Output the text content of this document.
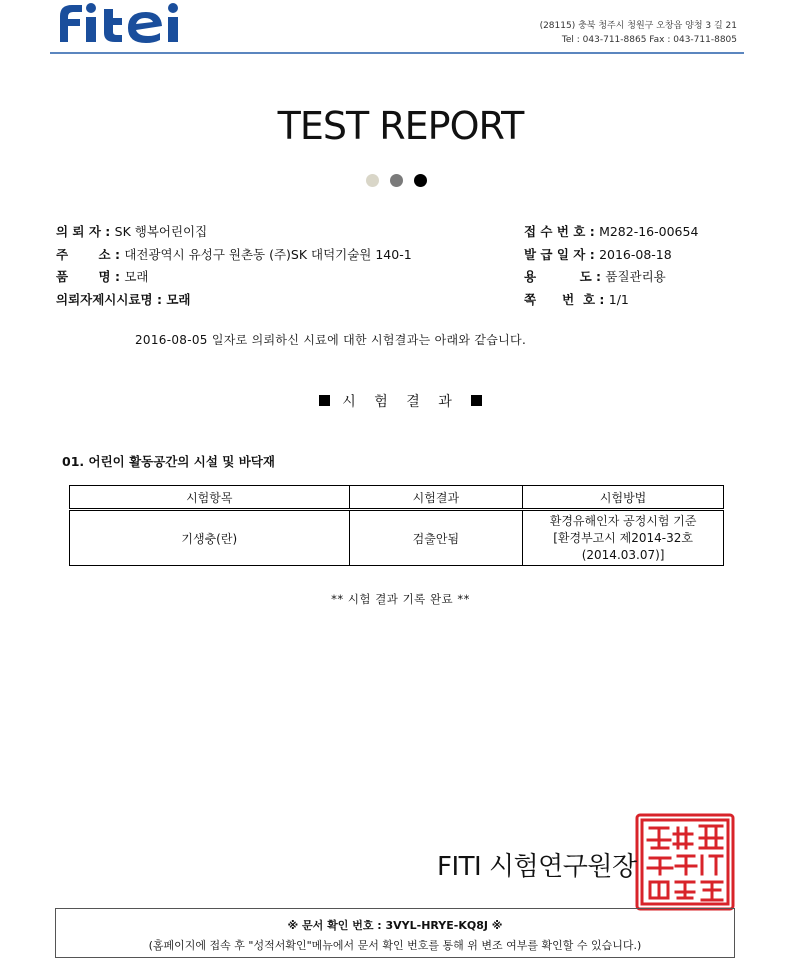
(28115) 충북 청주시 청원구 오창읍 양청 3 길 21
Tel : 043-711-8865 Fax : 043-711-8805
TEST REPORT
의 뢰 자 : SK 행복어린이집
주       소 : 대전광역시 유성구 원촌동 (주)SK 대덕기술원 140-1
품       명 : 모래
의뢰자제시시료명 : 모래
접 수 번 호 : M282-16-00654
발 급 일 자 : 2016-08-18
용          도 : 품질관리용
쪽      번  호 : 1/1
2016-08-05 일자로 의뢰하신 시료에 대한 시험결과는 아래와 같습니다.
시 험 결 과
01. 어린이 활동공간의 시설 및 바닥재
시험항목	시험결과	시험방법
기생충(란)	검출안됨	환경유해인자 공정시험 기준
[환경부고시 제2014-32호
(2014.03.07)]
** 시험 결과 기록 완료 **
FITI 시험연구원장
※ 문서 확인 번호 : 3VYL-HRYE-KQ8J ※
(홈페이지에 접속 후 "성적서확인"메뉴에서 문서 확인 번호를 통해 위 변조 여부를 확인할 수 있습니다.)
